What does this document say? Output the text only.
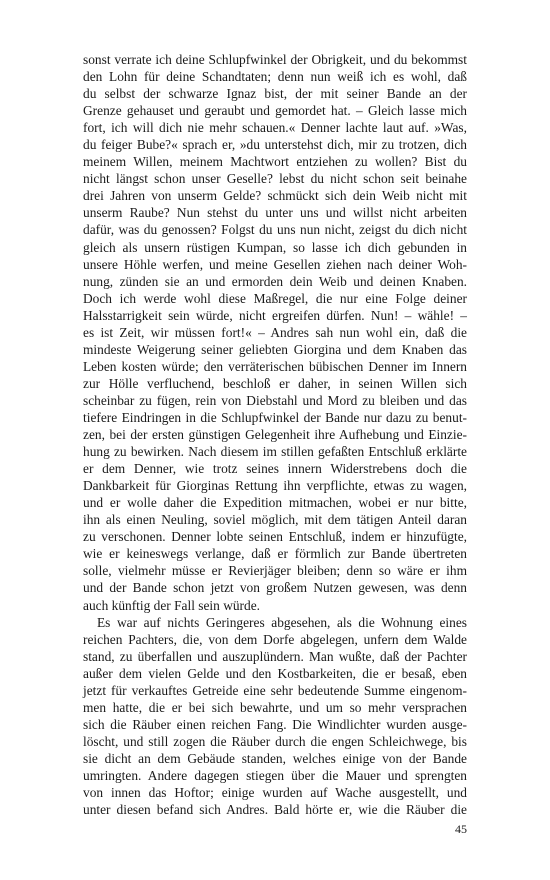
sonst verrate ich deine Schlupfwinkel der Obrigkeit, und du bekommst
den Lohn für deine Schandtaten; denn nun weiß ich es wohl, daß
du selbst der schwarze Ignaz bist, der mit seiner Bande an der
Grenze gehauset und geraubt und gemordet hat. – Gleich lasse mich
fort, ich will dich nie mehr schauen.« Denner lachte laut auf. »Was,
du feiger Bube?« sprach er, »du unterstehst dich, mir zu trotzen, dich
meinem Willen, meinem Machtwort entziehen zu wollen? Bist du
nicht längst schon unser Geselle? lebst du nicht schon seit beinahe
drei Jahren von unserm Gelde? schmückt sich dein Weib nicht mit
unserm Raube? Nun stehst du unter uns und willst nicht arbeiten
dafür, was du genossen? Folgst du uns nun nicht, zeigst du dich nicht
gleich als unsern rüstigen Kumpan, so lasse ich dich gebunden in
unsere Höhle werfen, und meine Gesellen ziehen nach deiner Woh-
nung, zünden sie an und ermorden dein Weib und deinen Knaben.
Doch ich werde wohl diese Maßregel, die nur eine Folge deiner
Halsstarrigkeit sein würde, nicht ergreifen dürfen. Nun! – wähle! –
es ist Zeit, wir müssen fort!« – Andres sah nun wohl ein, daß die
mindeste Weigerung seiner geliebten Giorgina und dem Knaben das
Leben kosten würde; den verräterischen bübischen Denner im Innern
zur Hölle verfluchend, beschloß er daher, in seinen Willen sich
scheinbar zu fügen, rein von Diebstahl und Mord zu bleiben und das
tiefere Eindringen in die Schlupfwinkel der Bande nur dazu zu benut-
zen, bei der ersten günstigen Gelegenheit ihre Aufhebung und Einzie-
hung zu bewirken. Nach diesem im stillen gefaßten Entschluß erklärte
er dem Denner, wie trotz seines innern Widerstrebens doch die
Dankbarkeit für Giorginas Rettung ihn verpflichte, etwas zu wagen,
und er wolle daher die Expedition mitmachen, wobei er nur bitte,
ihn als einen Neuling, soviel möglich, mit dem tätigen Anteil daran
zu verschonen. Denner lobte seinen Entschluß, indem er hinzufügte,
wie er keineswegs verlange, daß er förmlich zur Bande übertreten
solle, vielmehr müsse er Revierjäger bleiben; denn so wäre er ihm
und der Bande schon jetzt von großem Nutzen gewesen, was denn
auch künftig der Fall sein würde.
Es war auf nichts Geringeres abgesehen, als die Wohnung eines
reichen Pachters, die, von dem Dorfe abgelegen, unfern dem Walde
stand, zu überfallen und auszuplündern. Man wußte, daß der Pachter
außer dem vielen Gelde und den Kostbarkeiten, die er besaß, eben
jetzt für verkauftes Getreide eine sehr bedeutende Summe eingenom-
men hatte, die er bei sich bewahrte, und um so mehr versprachen
sich die Räuber einen reichen Fang. Die Windlichter wurden ausge-
löscht, und still zogen die Räuber durch die engen Schleichwege, bis
sie dicht an dem Gebäude standen, welches einige von der Bande
umringten. Andere dagegen stiegen über die Mauer und sprengten
von innen das Hoftor; einige wurden auf Wache ausgestellt, und
unter diesen befand sich Andres. Bald hörte er, wie die Räuber die
45
